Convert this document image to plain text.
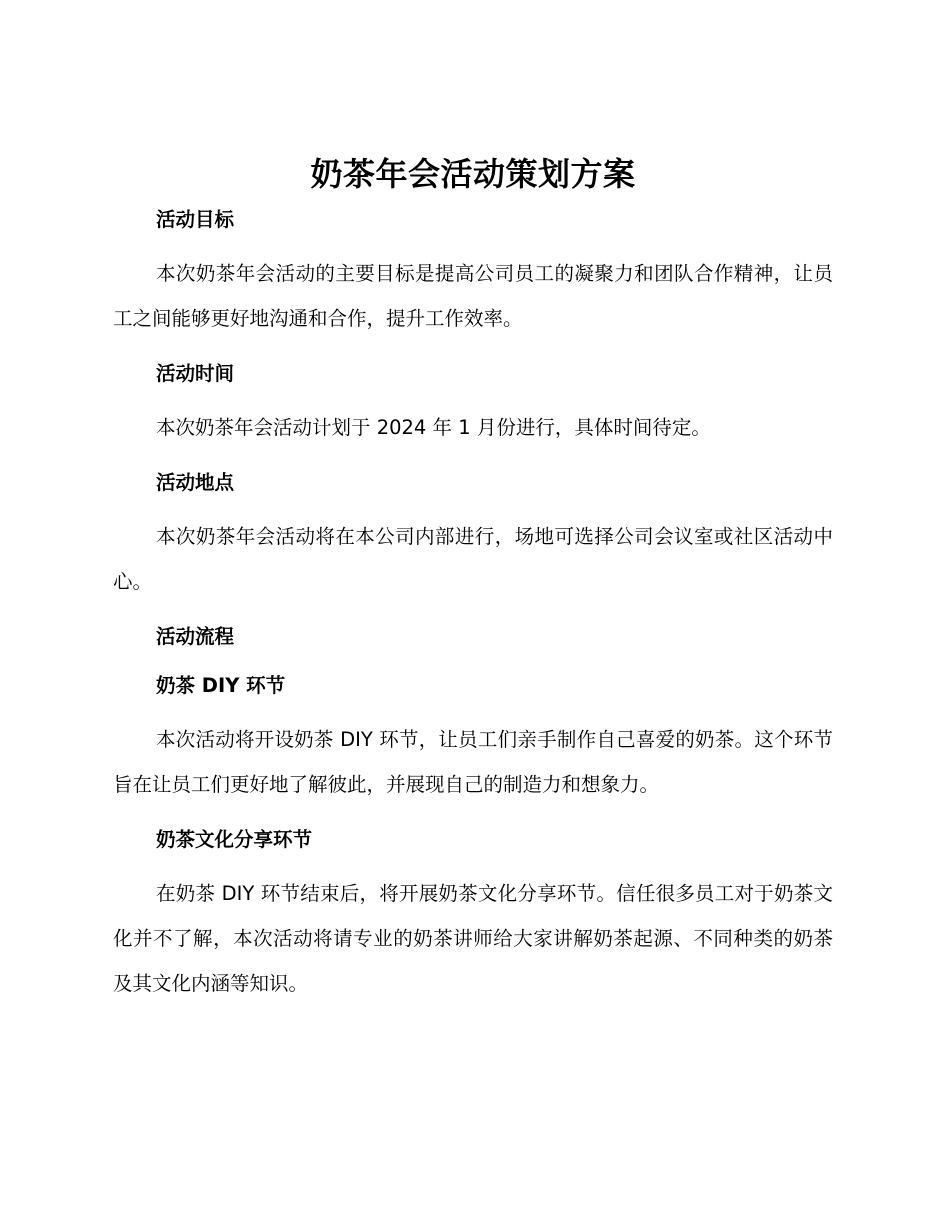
奶茶年会活动策划方案
活动目标

本次奶茶年会活动的主要目标是提高公司员工的凝聚力和团队合作精神，让员工之间能够更好地沟通和合作，提升工作效率。

活动时间

本次奶茶年会活动计划于 2024 年 1 月份进行，具体时间待定。

活动地点

本次奶茶年会活动将在本公司内部进行，场地可选择公司会议室或社区活动中心。

活动流程
奶茶 DIY 环节

本次活动将开设奶茶 DIY 环节，让员工们亲手制作自己喜爱的奶茶。这个环节旨在让员工们更好地了解彼此，并展现自己的制造力和想象力。

奶茶文化分享环节

在奶茶 DIY 环节结束后，将开展奶茶文化分享环节。信任很多员工对于奶茶文化并不了解，本次活动将请专业的奶茶讲师给大家讲解奶茶起源、不同种类的奶茶及其文化内涵等知识。
